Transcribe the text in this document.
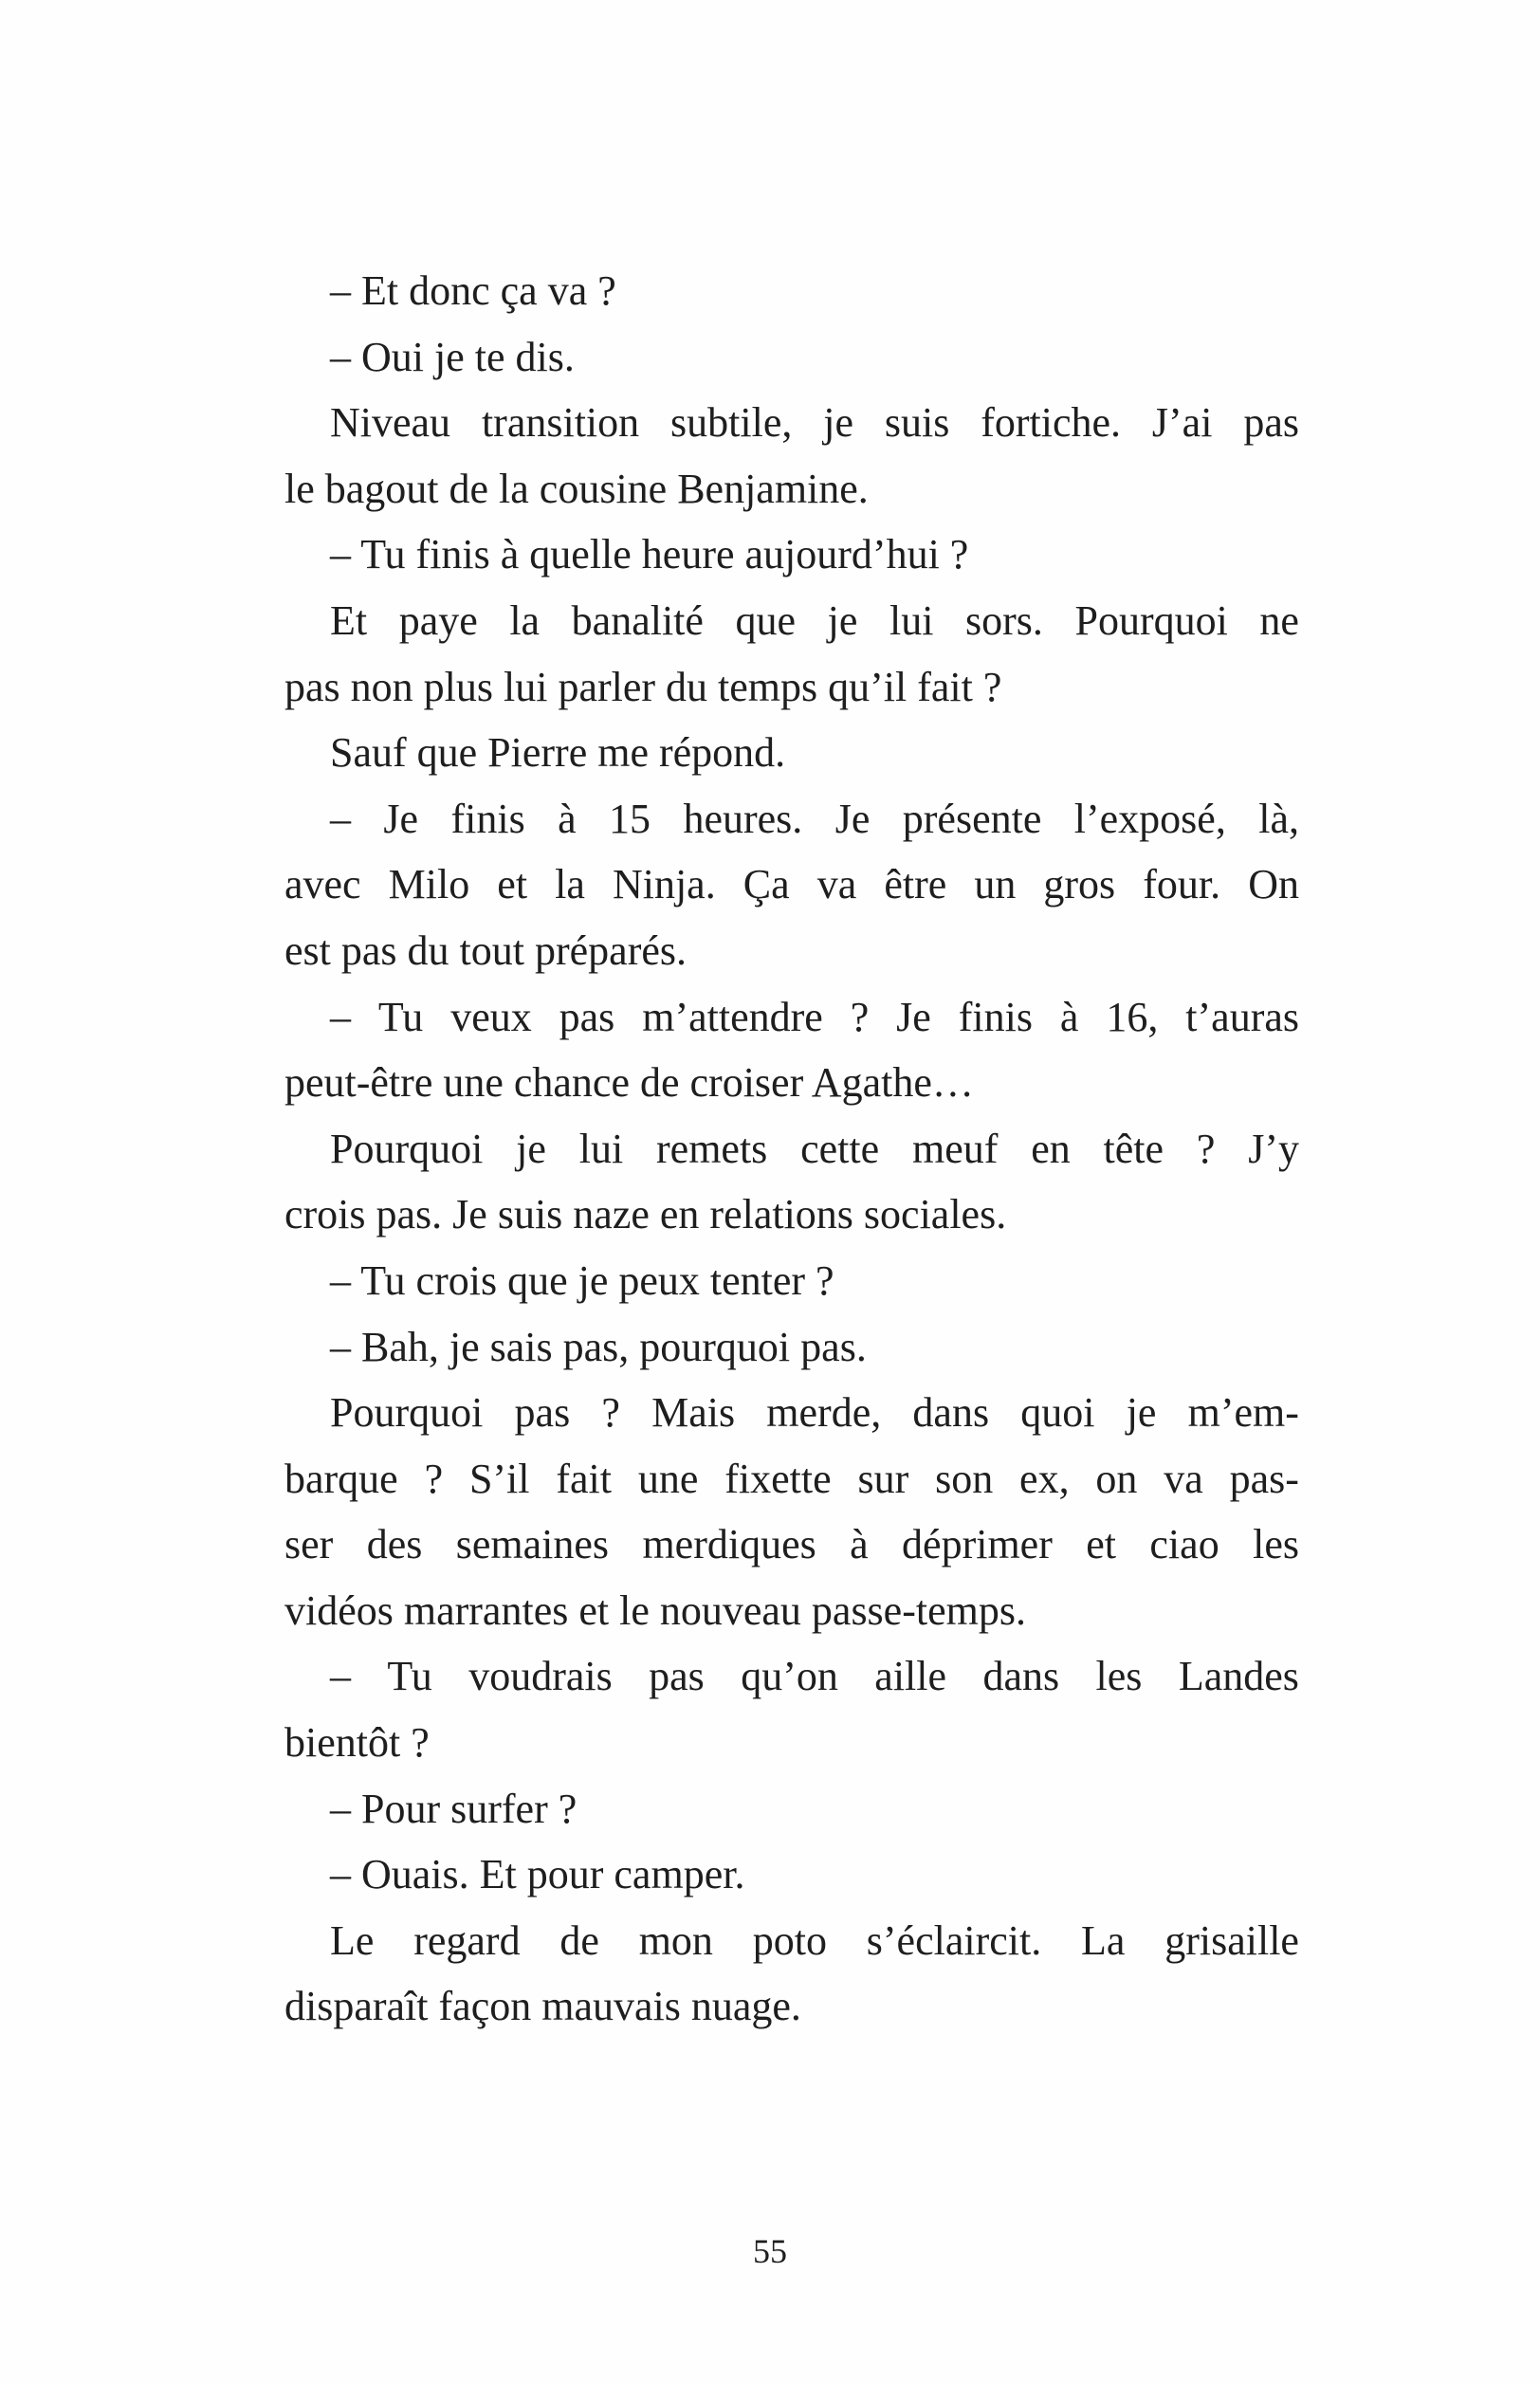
– Et donc ça va ?
– Oui je te dis.
Niveau transition subtile, je suis fortiche. J’ai pas
le bagout de la cousine Benjamine.
– Tu finis à quelle heure aujourd’hui ?
Et paye la banalité que je lui sors. Pourquoi ne
pas non plus lui parler du temps qu’il fait ?
Sauf que Pierre me répond.
– Je finis à 15 heures. Je présente l’exposé, là,
avec Milo et la Ninja. Ça va être un gros four. On
est pas du tout préparés.
– Tu veux pas m’attendre ? Je finis à 16, t’auras
peut-être une chance de croiser Agathe…
Pourquoi je lui remets cette meuf en tête ? J’y
crois pas. Je suis naze en relations sociales.
– Tu crois que je peux tenter ?
– Bah, je sais pas, pourquoi pas.
Pourquoi pas ? Mais merde, dans quoi je m’em-
barque ? S’il fait une fixette sur son ex, on va pas-
ser des semaines merdiques à déprimer et ciao les
vidéos marrantes et le nouveau passe-temps.
– Tu voudrais pas qu’on aille dans les Landes
bientôt ?
– Pour surfer ?
– Ouais. Et pour camper.
Le regard de mon poto s’éclaircit. La grisaille
disparaît façon mauvais nuage.
55
